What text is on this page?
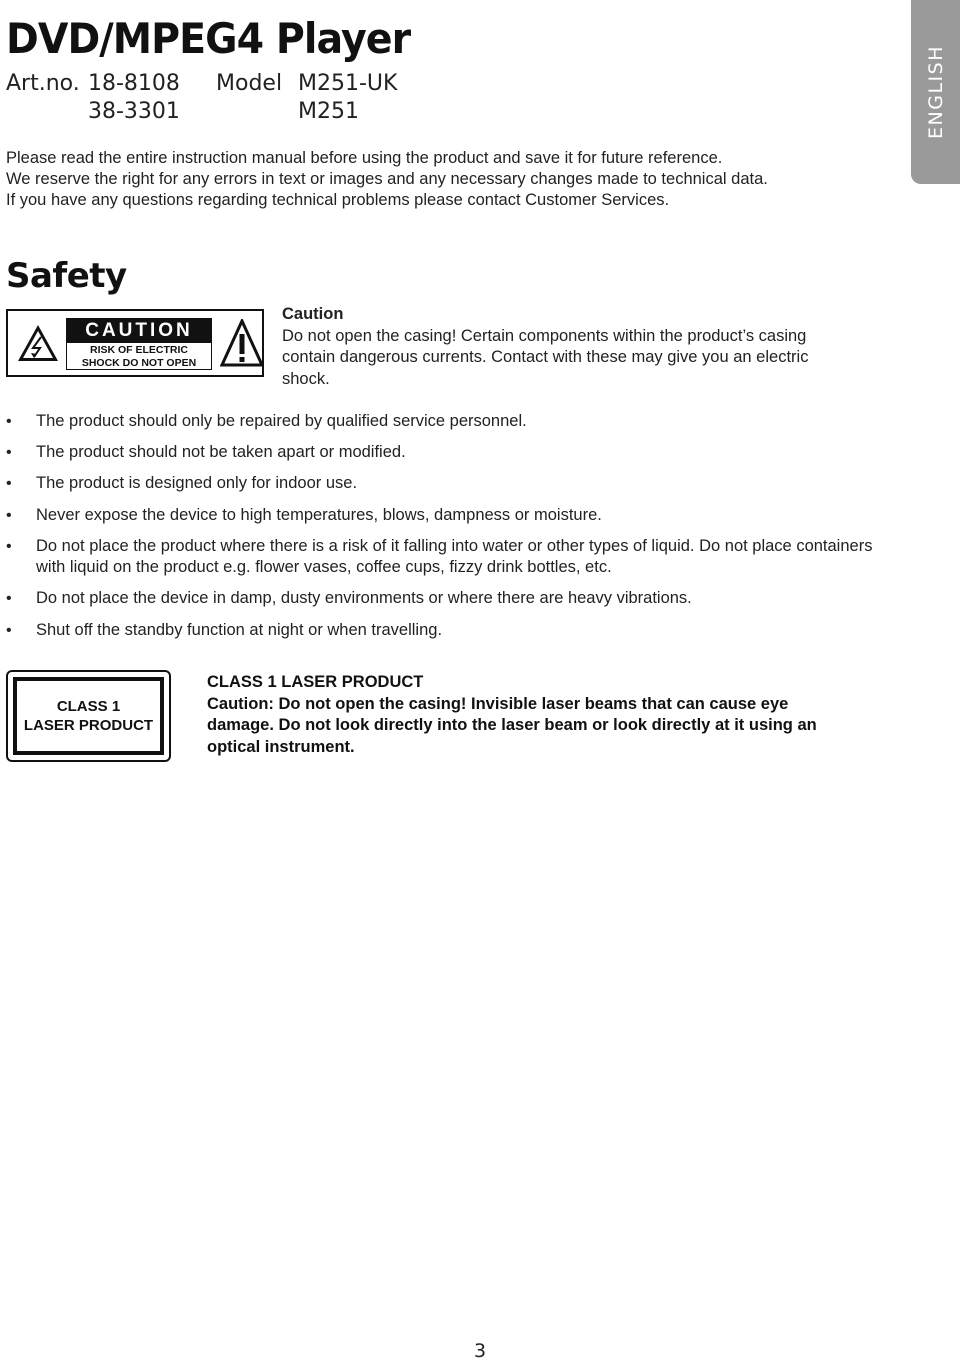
DVD/MPEG4 Player
Art.no. 18-8108
38-3301
Model M251-UK
M251	ENGLISH

Please read the entire instruction manual before using the product and save it for future reference.

We reserve the right for any errors in text or images and any necessary changes made to technical data.

If you have any questions regarding technical problems please contact Customer Services.

Safety
CAUTION
RISK OF ELECTRIC
SHOCK DO NOT OPEN
Caution
Do not open the casing! Certain components within the product’s casing contain dangerous currents. Contact with these may give you an electric shock.
• The product should only be repaired by qualified service personnel.
• The product should not be taken apart or modified.
• The product is designed only for indoor use.
• Never expose the device to high temperatures, blows, dampness or moisture.
• Do not place the product where there is a risk of it falling into water or other types of liquid. Do not place containers with liquid on the product e.g. flower vases, coffee cups, fizzy drink bottles, etc.
• Do not place the device in damp, dusty environments or where there are heavy vibrations.
• Shut off the standby function at night or when travelling.
CLASS 1
LASER PRODUCT

CLASS 1 LASER PRODUCT

Caution: Do not open the casing! Invisible laser beams that can cause eye damage. Do not look directly into the laser beam or look directly at it using an optical instrument.

3
